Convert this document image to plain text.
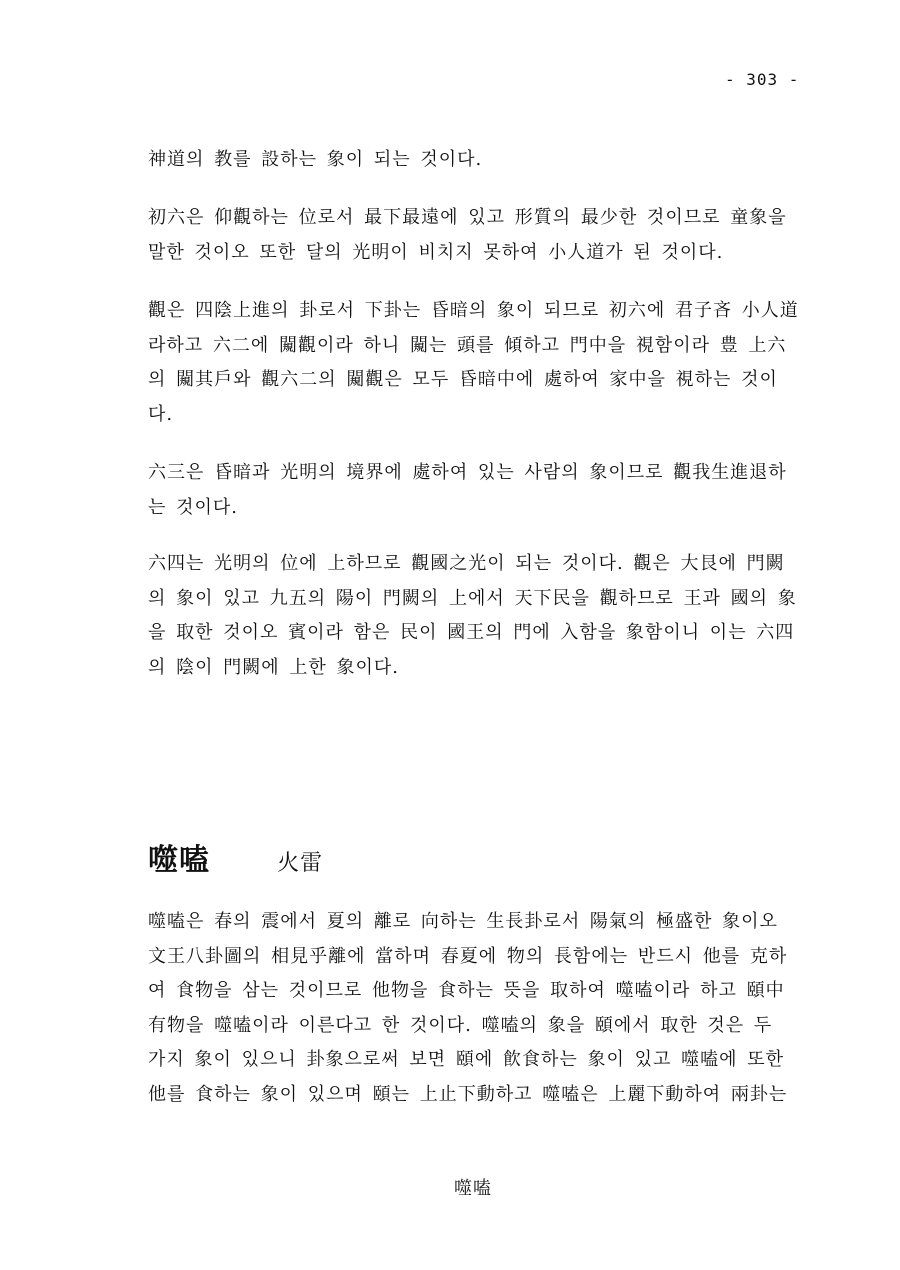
- 303 -

神道의 教를 設하는 象이 되는 것이다.

初六은 仰觀하는 位로서 最下最遠에 있고 形質의 最少한 것이므로 童象을
말한 것이오 또한 달의 光明이 비치지 못하여 小人道가 된 것이다.

觀은 四陰上進의 卦로서 下卦는 昏暗의 象이 되므로 初六에 君子吝 小人道
라하고 六二에 闚觀이라 하니 闚는 頭를 傾하고 門中을 視함이라 豊 上六
의 闚其戶와 觀六二의 闚觀은 모두 昏暗中에 處하여 家中을 視하는 것이
다.

六三은 昏暗과 光明의 境界에 處하여 있는 사람의 象이므로 觀我生進退하
는 것이다.

六四는 光明의 位에 上하므로 觀國之光이 되는 것이다. 觀은 大艮에 門闕
의 象이 있고 九五의 陽이 門闕의 上에서 天下民을 觀하므로 王과 國의 象
을 取한 것이오 賓이라 함은 民이 國王의 門에 入함을 象함이니 이는 六四
의 陰이 門闕에 上한 象이다.

噬嗑	火雷

噬嗑은 春의 震에서 夏의 離로 向하는 生長卦로서 陽氣의 極盛한 象이오
文王八卦圖의 相見乎離에 當하며 春夏에 物의 長함에는 반드시 他를 克하
여 食物을 삼는 것이므로 他物을 食하는 뜻을 取하여 噬嗑이라 하고 頤中
有物을 噬嗑이라 이른다고 한 것이다. 噬嗑의 象을 頤에서 取한 것은 두
가지 象이 있으니 卦象으로써 보면 頤에 飮食하는 象이 있고 噬嗑에 또한
他를 食하는 象이 있으며 頤는 上止下動하고 噬嗑은 上麗下動하여 兩卦는

噬嗑
